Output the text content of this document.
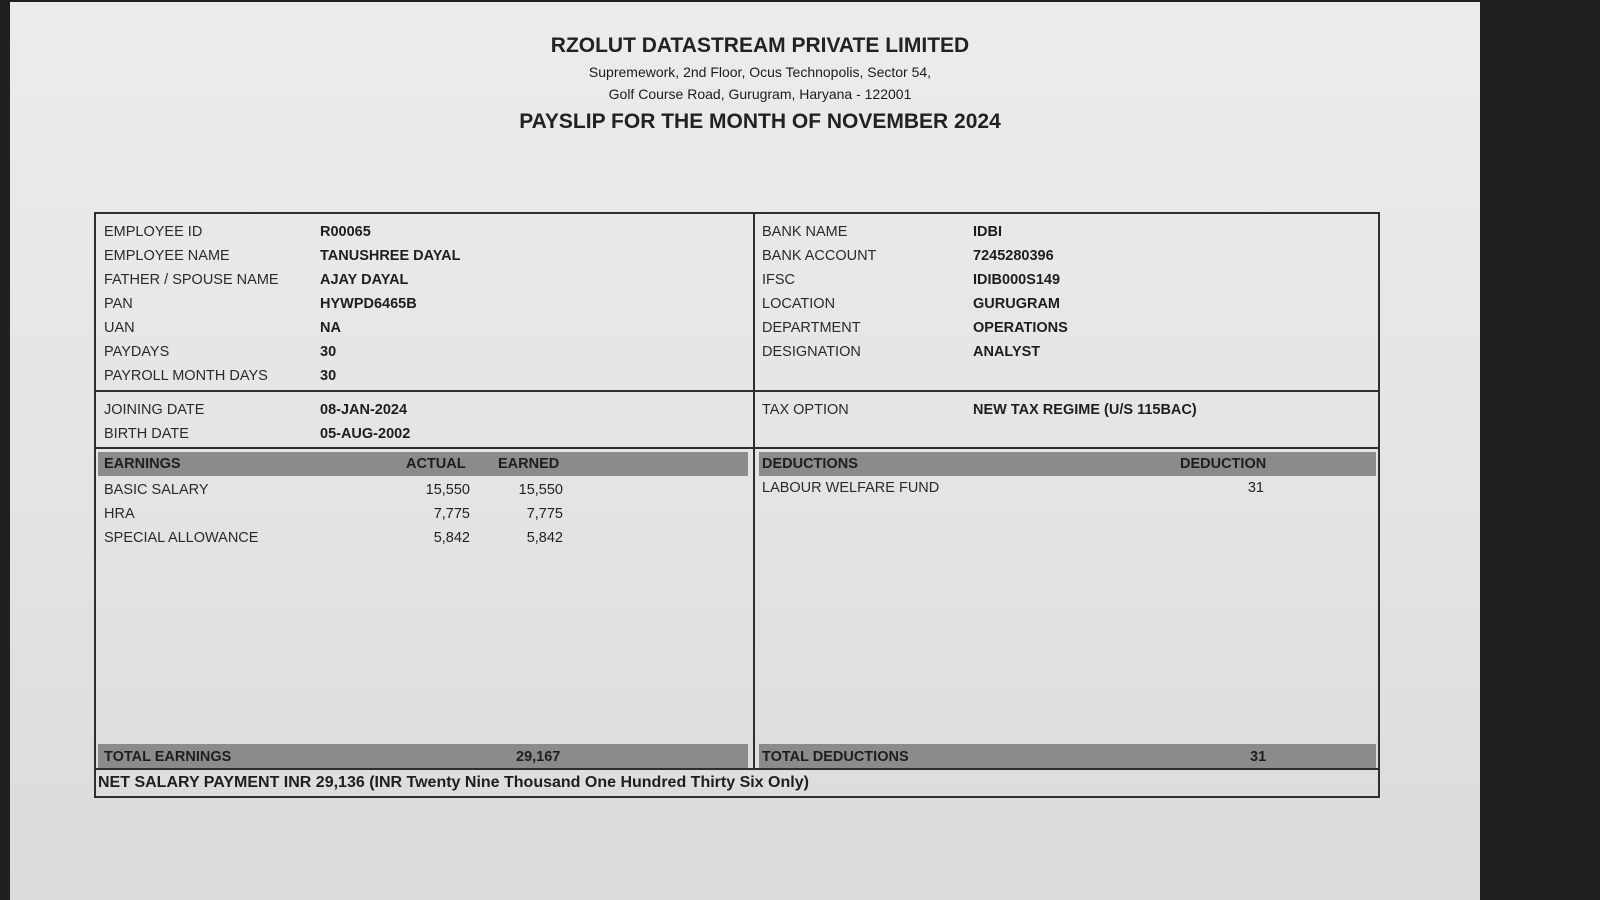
RZOLUT DATASTREAM PRIVATE LIMITED
Supremework, 2nd Floor, Ocus Technopolis, Sector 54,
Golf Course Road, Gurugram, Haryana - 122001
PAYSLIP FOR THE MONTH OF NOVEMBER 2024
EMPLOYEE ID	R00065
EMPLOYEE NAME	TANUSHREE DAYAL
FATHER / SPOUSE NAME	AJAY DAYAL
PAN	HYWPD6465B
UAN	NA
PAYDAYS	30
PAYROLL MONTH DAYS	30
BANK NAME	IDBI
BANK ACCOUNT	7245280396
IFSC	IDIB000S149
LOCATION	GURUGRAM
DEPARTMENT	OPERATIONS
DESIGNATION	ANALYST
JOINING DATE	08-JAN-2024
BIRTH DATE	05-AUG-2002
TAX OPTION	NEW TAX REGIME (U/S 115BAC)
EARNINGS	ACTUAL EARNED
BASIC SALARY	15,550	15,550
HRA	7,775	7,775
SPECIAL ALLOWANCE	5,842	5,842
DEDUCTIONS	DEDUCTION
LABOUR WELFARE FUND	31
TOTAL EARNINGS	29,167	TOTAL DEDUCTIONS	31
NET SALARY PAYMENT INR 29,136 (INR Twenty Nine Thousand One Hundred Thirty Six Only)
